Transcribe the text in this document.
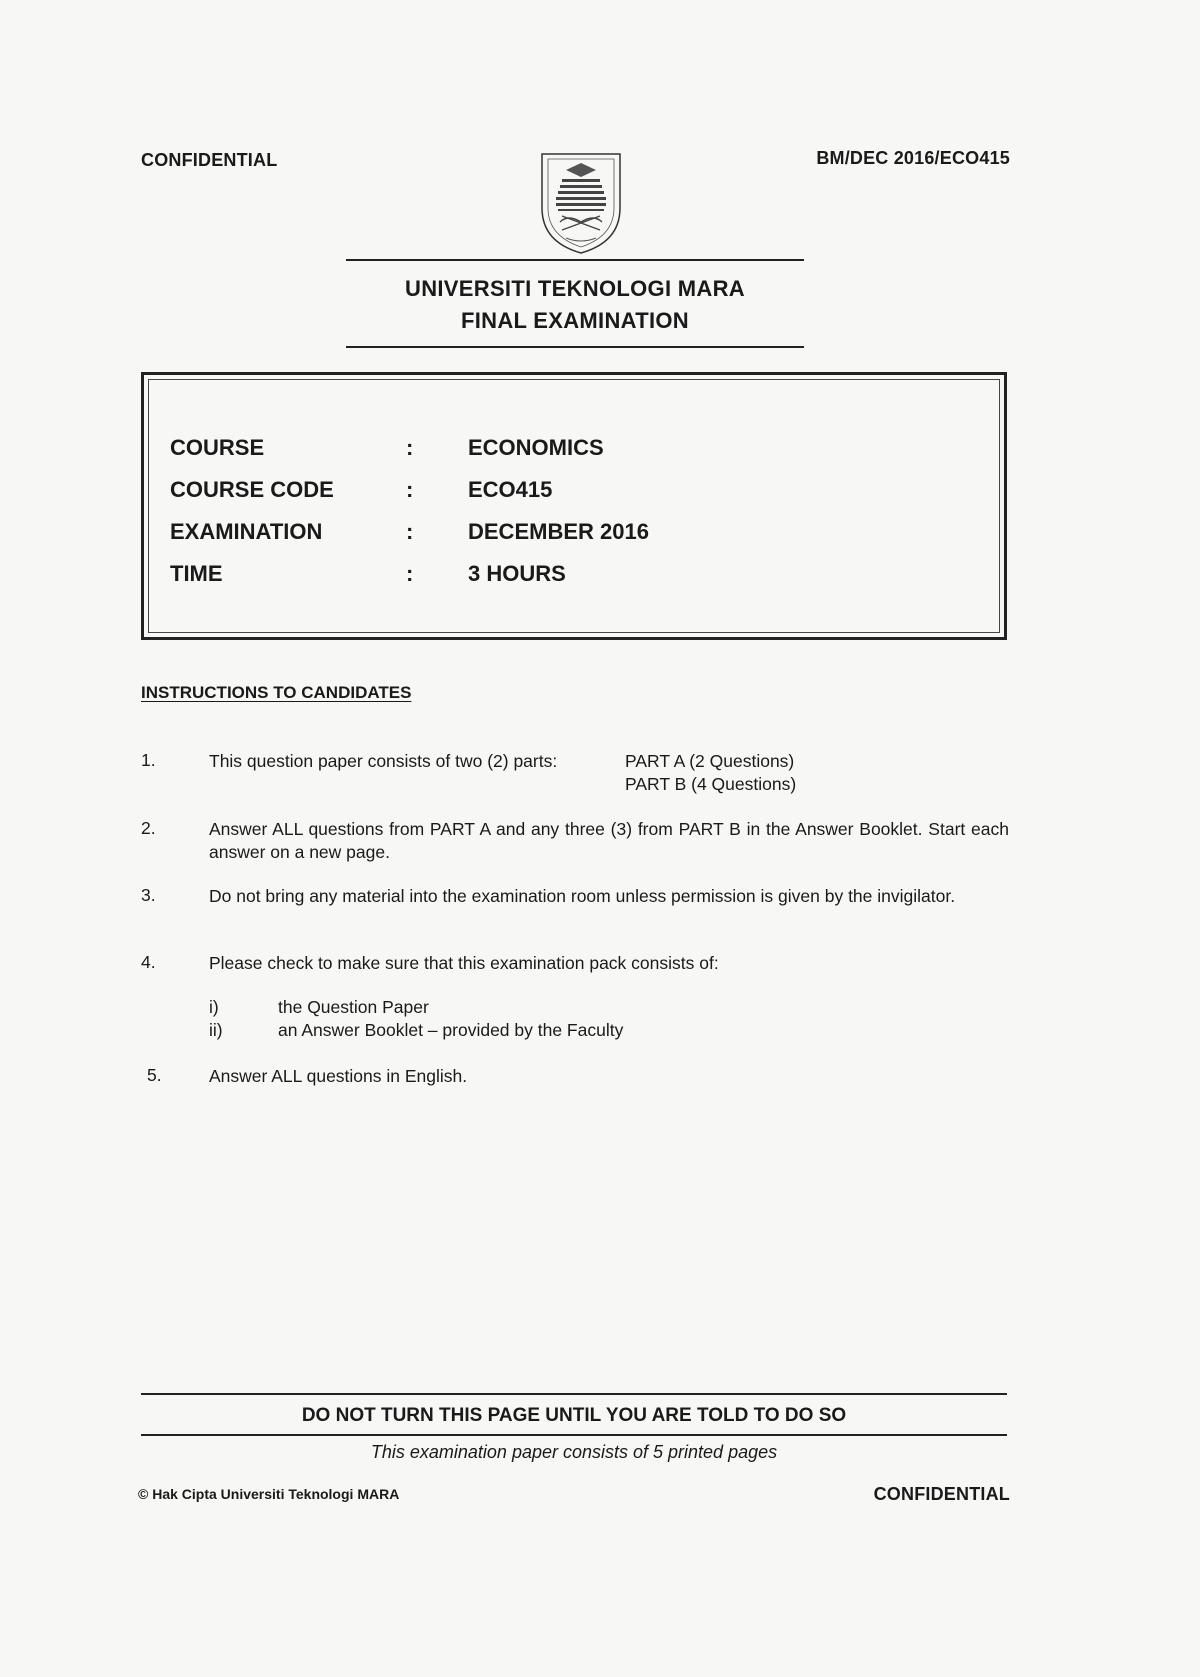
CONFIDENTIAL	BM/DEC 2016/ECO415
UNIVERSITI TEKNOLOGI MARA
FINAL EXAMINATION
COURSE	: ECONOMICS
COURSE CODE	: ECO415
EXAMINATION	: DECEMBER 2016
TIME	: 3 HOURS
INSTRUCTIONS TO CANDIDATES
1.	This question paper consists of two (2) parts:	PART A (2 Questions)
PART B (4 Questions)
2.	Answer ALL questions from PART A and any three (3) from PART B in the Answer Booklet. Start each answer on a new page.
3.	Do not bring any material into the examination room unless permission is given by the invigilator.
4.	Please check to make sure that this examination pack consists of:
i)	the Question Paper
ii)	an Answer Booklet – provided by the Faculty
5.	Answer ALL questions in English.
DO NOT TURN THIS PAGE UNTIL YOU ARE TOLD TO DO SO
This examination paper consists of 5 printed pages
© Hak Cipta Universiti Teknologi MARA	CONFIDENTIAL
